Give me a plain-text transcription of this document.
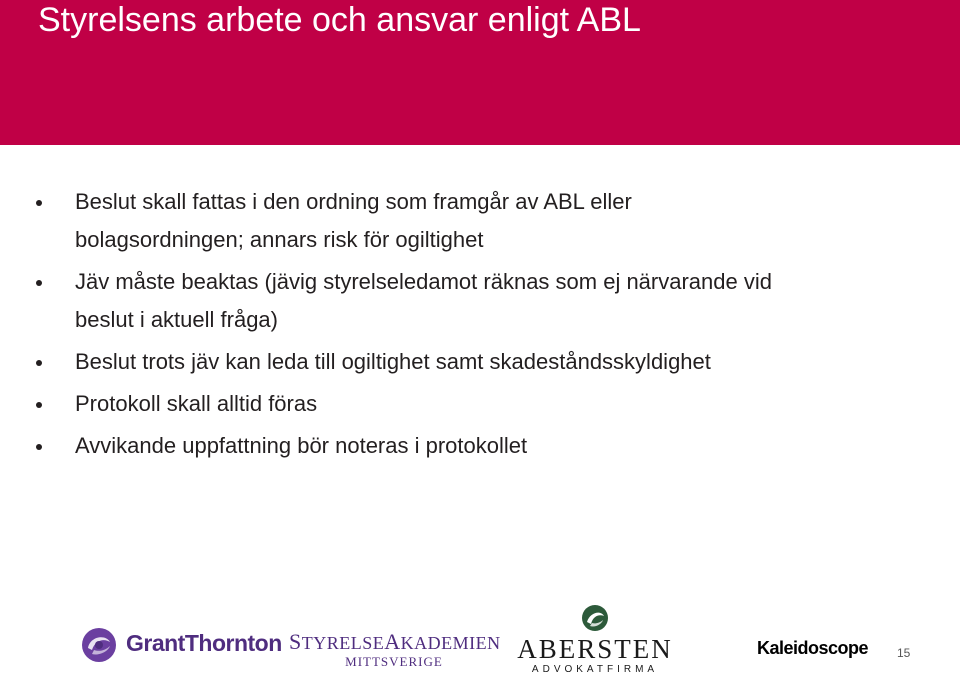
Styrelsens arbete och ansvar enligt ABL
Beslut skall fattas i den ordning som framgår av ABL eller
bolagsordningen; annars risk för ogiltighet
Jäv måste beaktas (jävig styrelseledamot räknas som ej närvarande vid
beslut i aktuell fråga)
Beslut trots jäv kan leda till ogiltighet samt skadeståndsskyldighet
Protokoll skall alltid föras
Avvikande uppfattning bör noteras i protokollet
GrantThornton STYRELSEAKADEMIEN
MITTSVERIGE	ABERSTEN
ADVOKATFIRMA
Kaleidoscope 15
